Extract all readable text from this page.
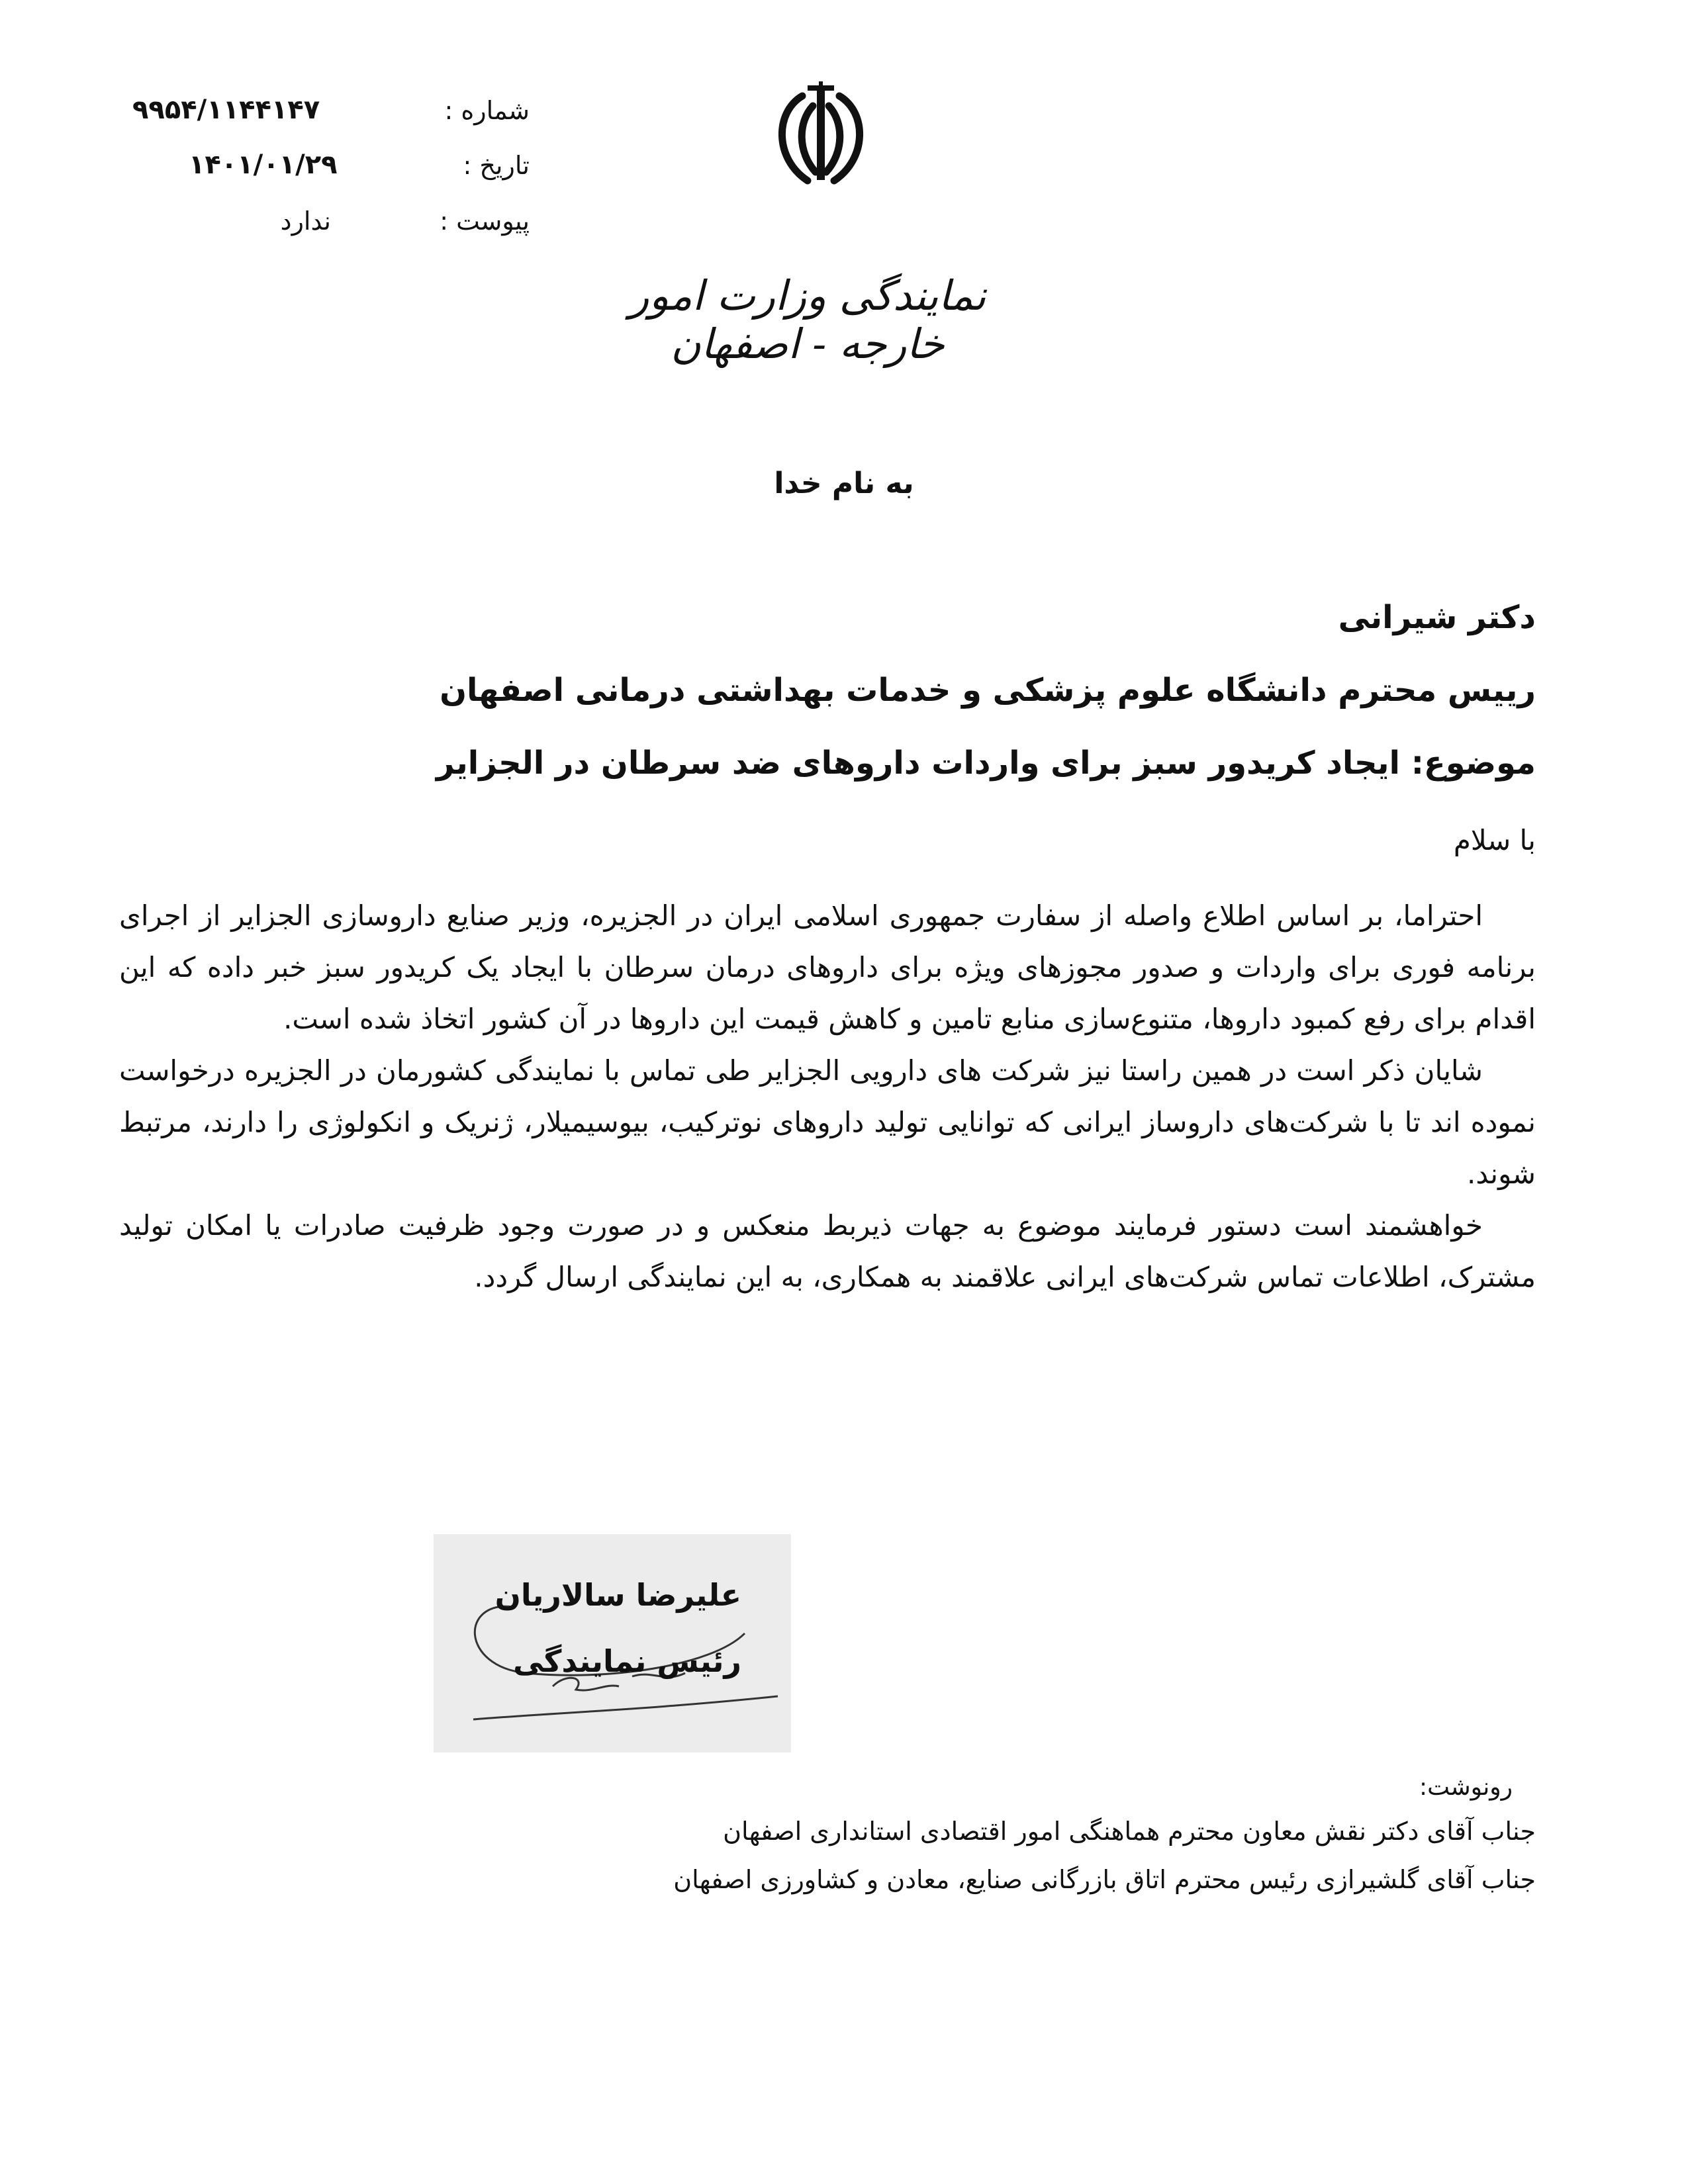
شماره :
۹۹۵۴/۱۱۴۴۱۴۷
تاریخ :
۱۴۰۱/۰۱/۲۹
پیوست :
ندارد
نمایندگی وزارت امور خارجه - اصفهان
به نام خدا
دکتر شیرانی
رییس محترم دانشگاه علوم پزشکی و خدمات بهداشتی درمانی اصفهان
موضوع: ایجاد کریدور سبز برای واردات داروهای ضد سرطان در الجزایر
با سلام

احتراما، بر اساس اطلاع واصله از سفارت جمهوری اسلامی ایران در الجزیره، وزیر صنایع داروسازی الجزایر از اجرای برنامه فوری برای واردات و صدور مجوزهای ویژه برای داروهای درمان سرطان با ایجاد یک کریدور سبز خبر داده که این اقدام برای رفع کمبود داروها، متنوع‌سازی منابع تامین و کاهش قیمت این داروها در آن کشور اتخاذ شده است.

شایان ذکر است در همین راستا نیز شرکت های دارویی الجزایر طی تماس با نمایندگی کشورمان در الجزیره درخواست نموده اند تا با شرکت‌های داروساز ایرانی که توانایی تولید داروهای نوترکیب، بیوسیمیلار، ژنریک و انکولوژی را دارند، مرتبط شوند.

خواهشمند است دستور فرمایند موضوع به جهات ذیربط منعکس و در صورت وجود ظرفیت صادرات یا امکان تولید مشترک، اطلاعات تماس شرکت‌های ایرانی علاقمند به همکاری، به این نمایندگی ارسال گردد.

علیرضا سالاریان
رئیس نمایندگی
رونوشت:
جناب آقای دکتر نقش معاون محترم هماهنگی امور اقتصادی استانداری اصفهان
جناب آقای گلشیرازی رئیس محترم اتاق بازرگانی صنایع، معادن و کشاورزی اصفهان
